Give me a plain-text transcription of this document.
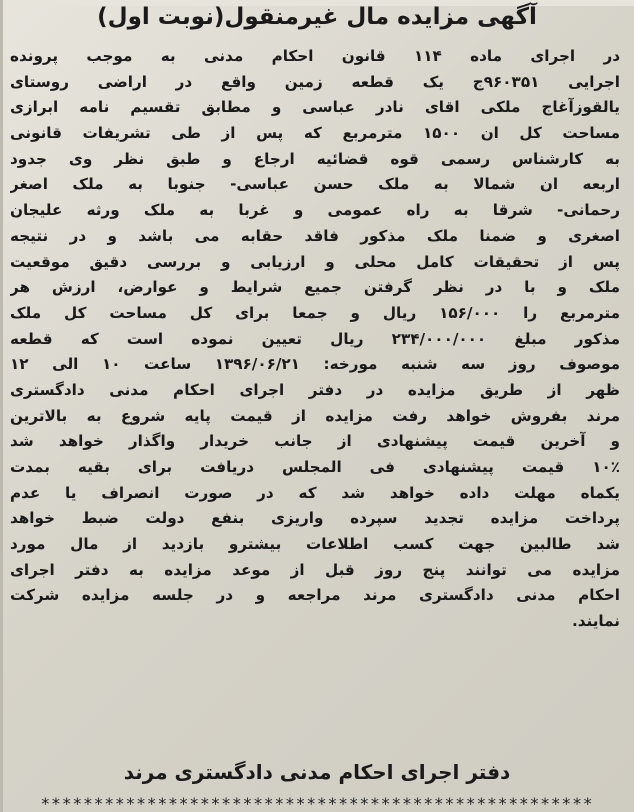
آگهی مزایده مال غیرمنقول(نوبت اول)
در اجرای ماده ۱۱۴ قانون احکام مدنی به موجب پرونده
اجرایی ۹۶۰۳۵۱ج یک قطعه زمین واقع در اراضی روستای
یالقوزآغاج ملکی اقای نادر عباسی و مطابق تقسیم نامه ابرازی
مساحت کل ان ۱۵۰۰ مترمربع که پس از طی تشریفات قانونی
به کارشناس رسمی قوه قضائیه ارجاع و طبق نظر وی جدود
اربعه ان شمالا به ملک حسن عباسی- جنوبا به ملک اصغر
رحمانی- شرقا به راه عمومی و غربا به ملک ورثه علیجان
اصغری و ضمنا ملک مذکور فاقد حقابه می باشد و در نتیجه
پس از تحقیقات کامل محلی و ارزیابی و بررسی دقیق موقعیت
ملک و با در نظر گرفتن جمیع شرایط و عوارض، ارزش هر
مترمربع را ۱۵۶/۰۰۰ ریال و جمعا برای کل مساحت کل ملک
مذکور مبلغ ۲۳۴/۰۰۰/۰۰۰ ریال تعیین نموده است که قطعه
موصوف روز سه شنبه مورخه: ۱۳۹۶/۰۶/۲۱ ساعت ۱۰ الی ۱۲
ظهر از طریق مزایده در دفتر اجرای احکام مدنی دادگستری
مرند بفروش خواهد رفت مزایده از قیمت پایه شروع به بالاترین
و آخرین قیمت پیشنهادی از جانب خریدار واگذار خواهد شد
۱۰٪ قیمت پیشنهادی فی المجلس دریافت برای بقیه بمدت
یکماه مهلت داده خواهد شد که در صورت انصراف یا عدم
پرداخت مزایده تجدید سپرده واریزی بنفع دولت ضبط خواهد
شد طالبین جهت کسب اطلاعات بیشترو بازدید از مال مورد
مزایده می توانند پنج روز قبل از موعد مزایده به دفتر اجرای
احکام مدنی دادگستری مرند مراجعه و در جلسه مزایده شرکت
نمایند.
دفتر اجرای احکام مدنی دادگستری مرند
****************************************************
